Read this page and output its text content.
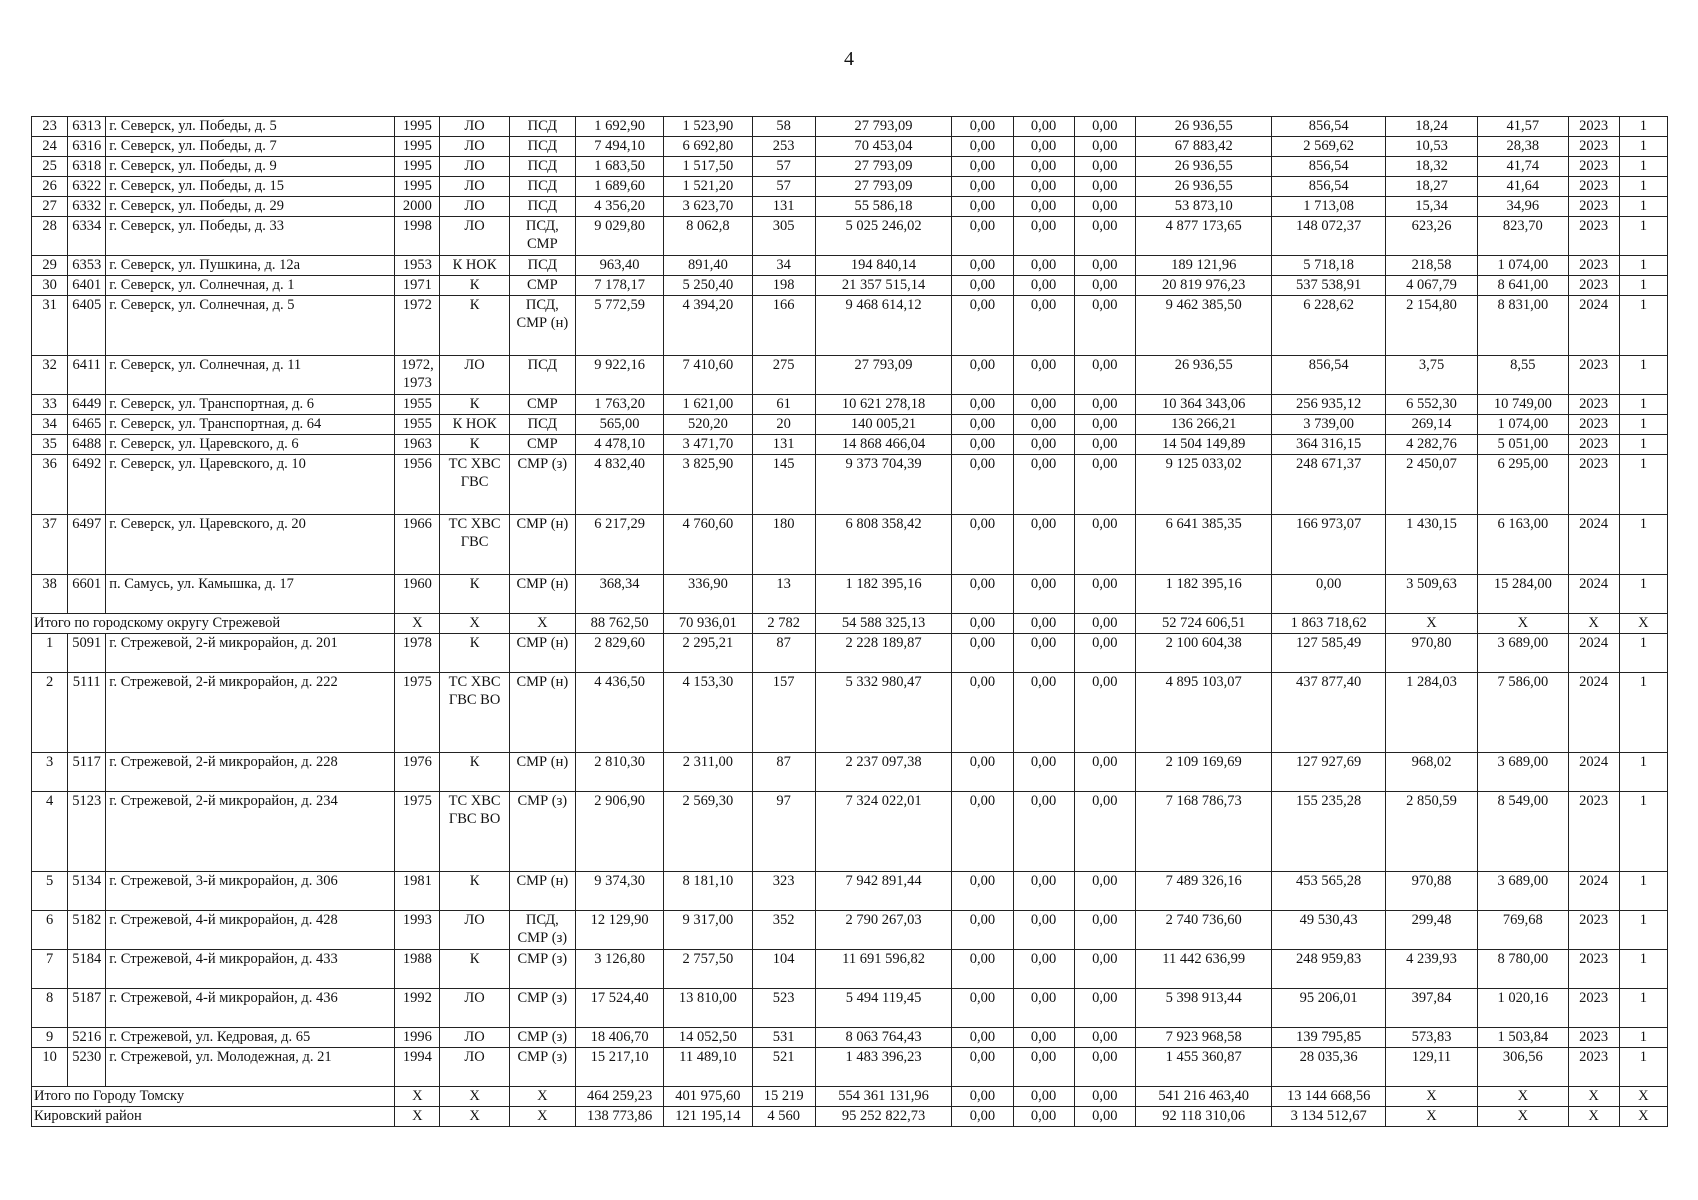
4
23	6313	г. Северск, ул. Победы, д. 5	1995	ЛО	ПСД	1 692,90	1 523,90	58	27 793,09	0,00	0,00	0,00	26 936,55	856,54	18,24	41,57	2023	1
24	6316	г. Северск, ул. Победы, д. 7	1995	ЛО	ПСД	7 494,10	6 692,80	253	70 453,04	0,00	0,00	0,00	67 883,42	2 569,62	10,53	28,38	2023	1
25	6318	г. Северск, ул. Победы, д. 9	1995	ЛО	ПСД	1 683,50	1 517,50	57	27 793,09	0,00	0,00	0,00	26 936,55	856,54	18,32	41,74	2023	1
26	6322	г. Северск, ул. Победы, д. 15	1995	ЛО	ПСД	1 689,60	1 521,20	57	27 793,09	0,00	0,00	0,00	26 936,55	856,54	18,27	41,64	2023	1
27	6332	г. Северск, ул. Победы, д. 29	2000	ЛО	ПСД	4 356,20	3 623,70	131	55 586,18	0,00	0,00	0,00	53 873,10	1 713,08	15,34	34,96	2023	1
28	6334	г. Северск, ул. Победы, д. 33	1998	ЛО	ПСД, СМР	9 029,80	8 062,8	305	5 025 246,02	0,00	0,00	0,00	4 877 173,65	148 072,37	623,26	823,70	2023	1
29	6353	г. Северск, ул. Пушкина, д. 12а	1953	К НОК	ПСД	963,40	891,40	34	194 840,14	0,00	0,00	0,00	189 121,96	5 718,18	218,58	1 074,00	2023	1
30	6401	г. Северск, ул. Солнечная, д. 1	1971	К	СМР	7 178,17	5 250,40	198	21 357 515,14	0,00	0,00	0,00	20 819 976,23	537 538,91	4 067,79	8 641,00	2023	1
31	6405	г. Северск, ул. Солнечная, д. 5	1972	К	ПСД, СМР (н)	5 772,59	4 394,20	166	9 468 614,12	0,00	0,00	0,00	9 462 385,50	6 228,62	2 154,80	8 831,00	2024	1
32	6411	г. Северск, ул. Солнечная, д. 11	1972, 1973	ЛО	ПСД	9 922,16	7 410,60	275	27 793,09	0,00	0,00	0,00	26 936,55	856,54	3,75	8,55	2023	1
33	6449	г. Северск, ул. Транспортная, д. 6	1955	К	СМР	1 763,20	1 621,00	61	10 621 278,18	0,00	0,00	0,00	10 364 343,06	256 935,12	6 552,30	10 749,00	2023	1
34	6465	г. Северск, ул. Транспортная, д. 64	1955	К НОК	ПСД	565,00	520,20	20	140 005,21	0,00	0,00	0,00	136 266,21	3 739,00	269,14	1 074,00	2023	1
35	6488	г. Северск, ул. Царевского, д. 6	1963	К	СМР	4 478,10	3 471,70	131	14 868 466,04	0,00	0,00	0,00	14 504 149,89	364 316,15	4 282,76	5 051,00	2023	1
36	6492	г. Северск, ул. Царевского, д. 10	1956	ТС ХВС ГВС	СМР (з)	4 832,40	3 825,90	145	9 373 704,39	0,00	0,00	0,00	9 125 033,02	248 671,37	2 450,07	6 295,00	2023	1
37	6497	г. Северск, ул. Царевского, д. 20	1966	ТС ХВС ГВС	СМР (н)	6 217,29	4 760,60	180	6 808 358,42	0,00	0,00	0,00	6 641 385,35	166 973,07	1 430,15	6 163,00	2024	1
38	6601	п. Самусь, ул. Камышка, д. 17	1960	К	СМР (н)	368,34	336,90	13	1 182 395,16	0,00	0,00	0,00	1 182 395,16	0,00	3 509,63	15 284,00	2024	1
Итого по городскому округу Стрежевой			X	X	X	88 762,50	70 936,01	2 782	54 588 325,13	0,00	0,00	0,00	52 724 606,51	1 863 718,62	X	X	X	X
1	5091	г. Стрежевой, 2-й микрорайон, д. 201	1978	К	СМР (н)	2 829,60	2 295,21	87	2 228 189,87	0,00	0,00	0,00	2 100 604,38	127 585,49	970,80	3 689,00	2024	1
2	5111	г. Стрежевой, 2-й микрорайон, д. 222	1975	ТС ХВС ГВС ВО	СМР (н)	4 436,50	4 153,30	157	5 332 980,47	0,00	0,00	0,00	4 895 103,07	437 877,40	1 284,03	7 586,00	2024	1
3	5117	г. Стрежевой, 2-й микрорайон, д. 228	1976	К	СМР (н)	2 810,30	2 311,00	87	2 237 097,38	0,00	0,00	0,00	2 109 169,69	127 927,69	968,02	3 689,00	2024	1
4	5123	г. Стрежевой, 2-й микрорайон, д. 234	1975	ТС ХВС ГВС ВО	СМР (з)	2 906,90	2 569,30	97	7 324 022,01	0,00	0,00	0,00	7 168 786,73	155 235,28	2 850,59	8 549,00	2023	1
5	5134	г. Стрежевой, 3-й микрорайон, д. 306	1981	К	СМР (н)	9 374,30	8 181,10	323	7 942 891,44	0,00	0,00	0,00	7 489 326,16	453 565,28	970,88	3 689,00	2024	1
6	5182	г. Стрежевой, 4-й микрорайон, д. 428	1993	ЛО	ПСД, СМР (з)	12 129,90	9 317,00	352	2 790 267,03	0,00	0,00	0,00	2 740 736,60	49 530,43	299,48	769,68	2023	1
7	5184	г. Стрежевой, 4-й микрорайон, д. 433	1988	К	СМР (з)	3 126,80	2 757,50	104	11 691 596,82	0,00	0,00	0,00	11 442 636,99	248 959,83	4 239,93	8 780,00	2023	1
8	5187	г. Стрежевой, 4-й микрорайон, д. 436	1992	ЛО	СМР (з)	17 524,40	13 810,00	523	5 494 119,45	0,00	0,00	0,00	5 398 913,44	95 206,01	397,84	1 020,16	2023	1
9	5216	г. Стрежевой, ул. Кедровая, д. 65	1996	ЛО	СМР (з)	18 406,70	14 052,50	531	8 063 764,43	0,00	0,00	0,00	7 923 968,58	139 795,85	573,83	1 503,84	2023	1
10	5230	г. Стрежевой, ул. Молодежная, д. 21	1994	ЛО	СМР (з)	15 217,10	11 489,10	521	1 483 396,23	0,00	0,00	0,00	1 455 360,87	28 035,36	129,11	306,56	2023	1
Итого по Городу Томску			X	X	X	464 259,23	401 975,60	15 219	554 361 131,96	0,00	0,00	0,00	541 216 463,40	13 144 668,56	X	X	X	X
Кировский район			X	X	X	138 773,86	121 195,14	4 560	95 252 822,73	0,00	0,00	0,00	92 118 310,06	3 134 512,67	X	X	X	X
